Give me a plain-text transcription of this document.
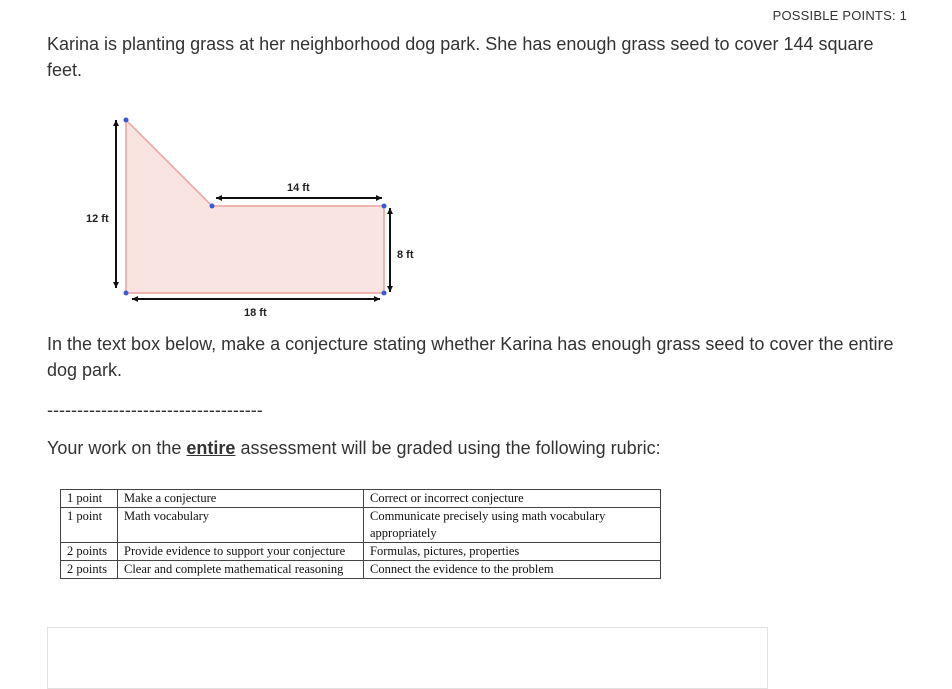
POSSIBLE POINTS: 1

Karina is planting grass at her neighborhood dog park. She has enough grass seed to cover 144 square feet.

14 ft
12 ft
8 ft
18 ft

In the text box below, make a conjecture stating whether Karina has enough grass seed to cover the entire dog park.

------------------------------------

Your work on the entire assessment will be graded using the following rubric:

1 point	Make a conjecture	Correct or incorrect conjecture
1 point	Math vocabulary	Communicate precisely using math vocabulary appropriately
2 points	Provide evidence to support your conjecture	Formulas, pictures, properties
2 points	Clear and complete mathematical reasoning	Connect the evidence to the problem
